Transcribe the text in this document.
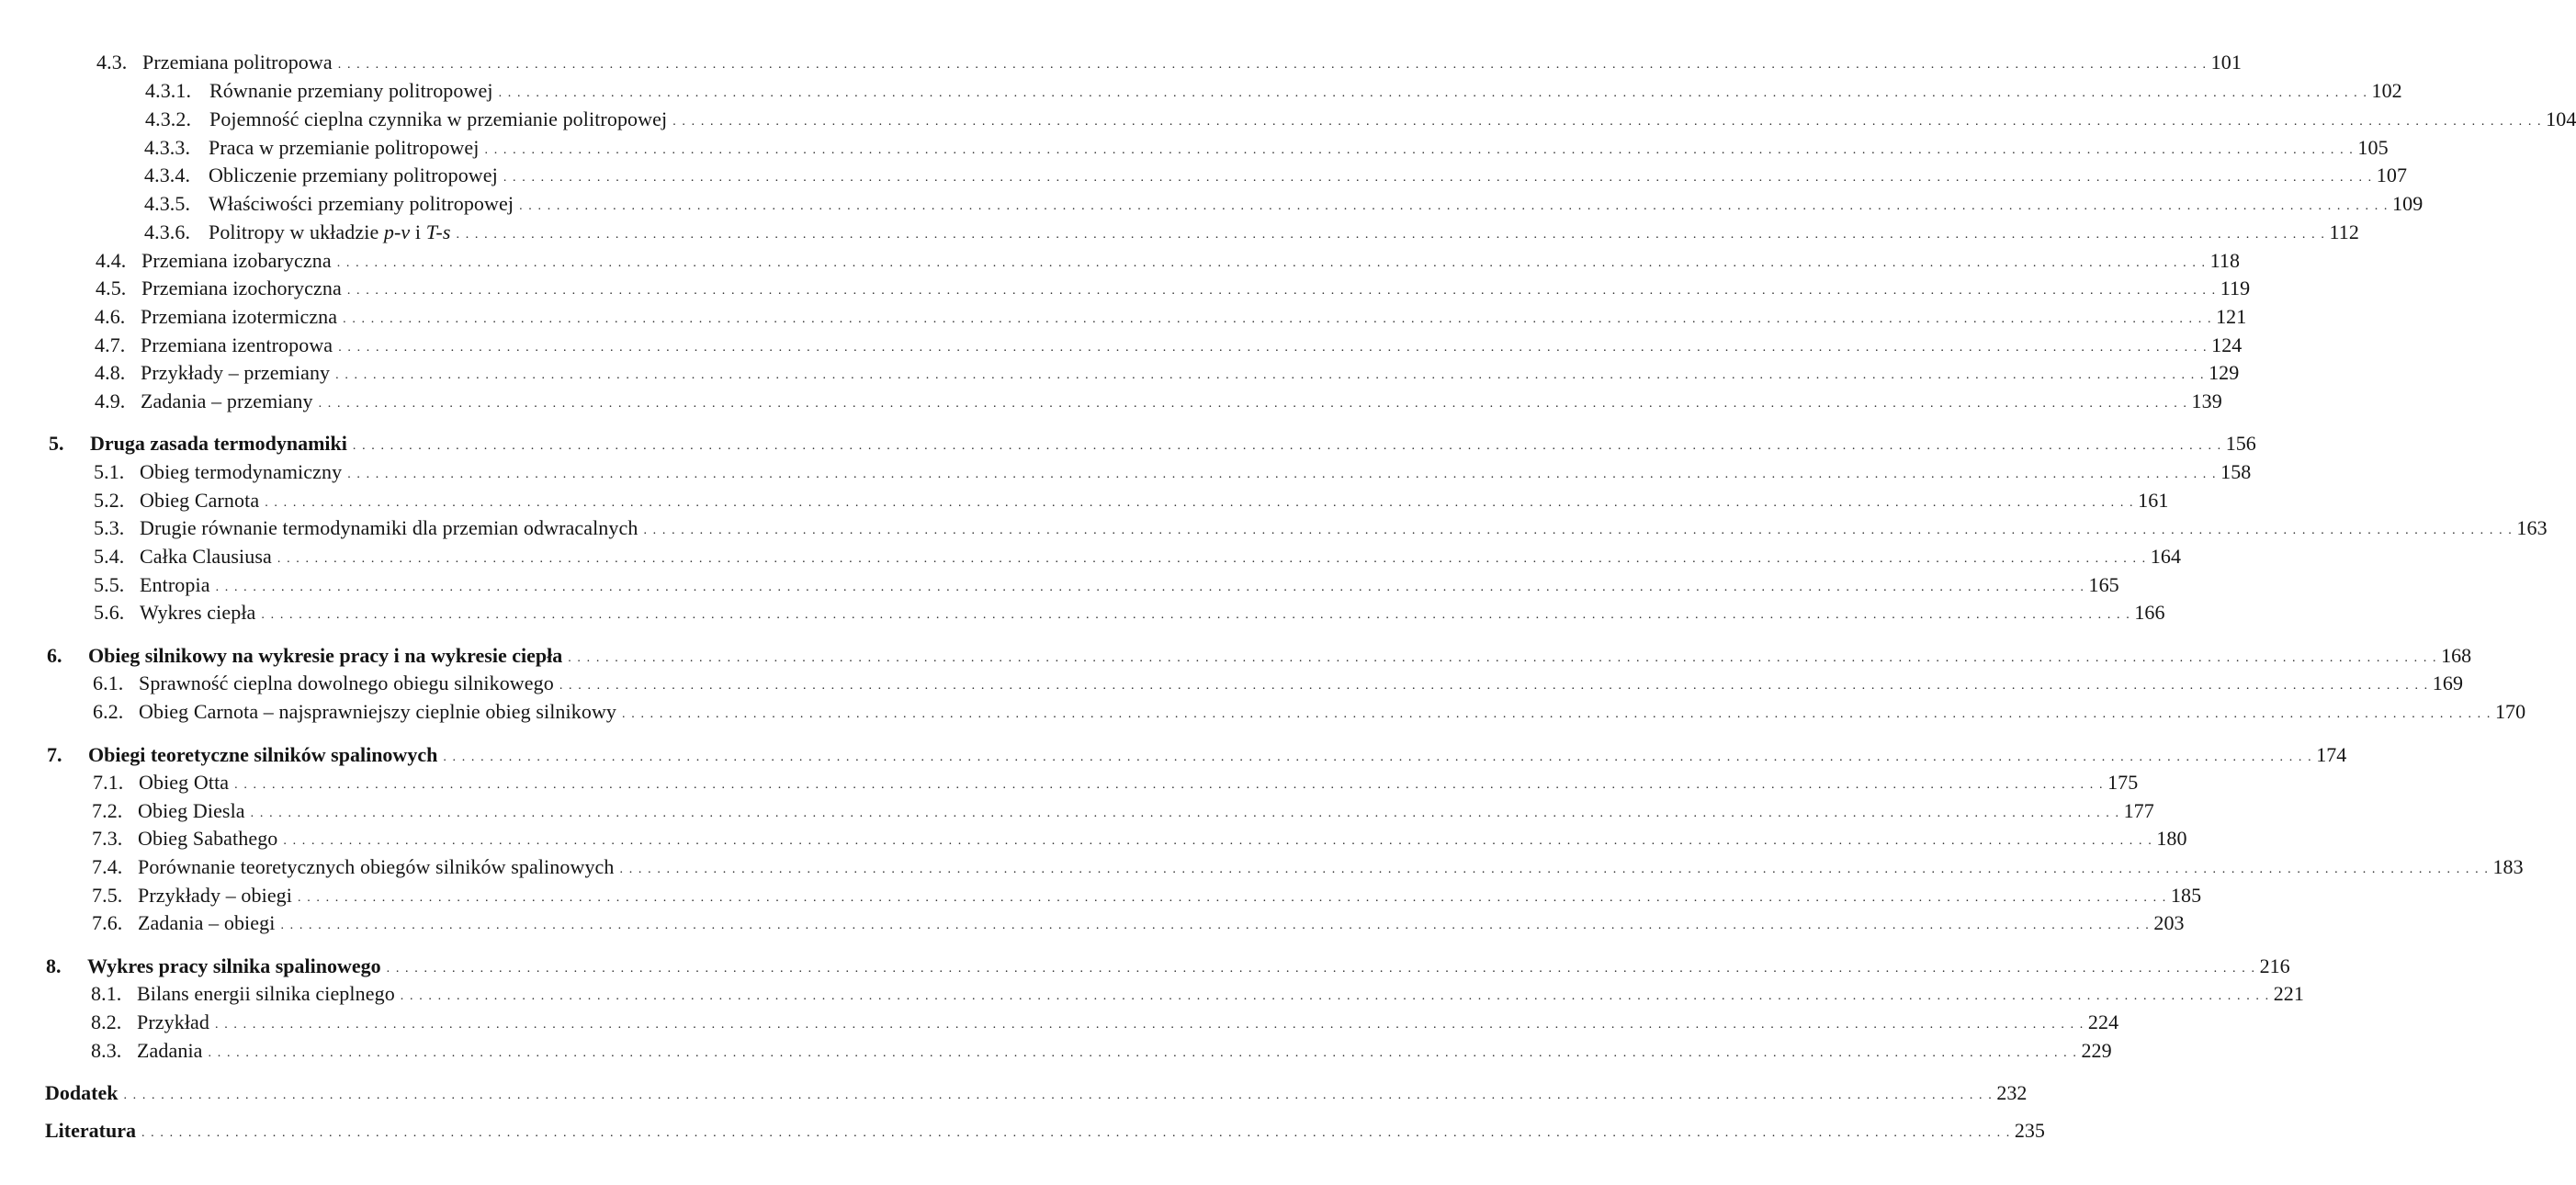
4.3. Przemiana politropowa . . . . . . . . . . . . . . . . . . . . . . . . . . . . . . . . . . . . . . . . . . . . . . . . . . . . . . . . . . . . . . . . . . . . . . . . . . . . . . . . . . . . . . . . . . . . . . . . . . . . . . . . . . . . . . . . . . . . . . . . . . . . . . . . . . . . . . . . . . . . . . . . . . . . . . . . . . . . . . . . . . . . . . . . . . . . . . . . . . . . . . . . . . . . . . . . . . . . . . . . 101
4.3.1. Równanie przemiany politropowej . . . . . . . . . . . . . . . . . . . . . . . . . . . . . . . . . . . . . . . . . . . . . . . . . . . . . . . . . . . . . . . . . . . . . . . . . . . . . . . . . . . . . . . . . . . . . . . . . . . . . . . . . . . . . . . . . . . . . . . . . . . . . . . . . . . . . . . . . . . . . . . . . . . . . . . . . . . . . . . . . . . . . . . . . . . . . . . . . . . . . . . . . . . . . . . . . . . . . . . . 102
4.3.2. Pojemność cieplna czynnika w przemianie politropowej . . . . . . . . . . . . . . . . . . . . . . . . . . . . . . . . . . . . . . . . . . . . . . . . . . . . . . . . . . . . . . . . . . . . . . . . . . . . . . . . . . . . . . . . . . . . . . . . . . . . . . . . . . . . . . . . . . . . . . . . . . . . . . . . . . . . . . . . . . . . . . . . . . . . . . . . . . . . . . . . . . . . . . . . . . . . . . . . . . . . . . . . . . . . . . . . . . . . . . . . 104
4.3.3. Praca w przemianie politropowej . . . . . . . . . . . . . . . . . . . . . . . . . . . . . . . . . . . . . . . . . . . . . . . . . . . . . . . . . . . . . . . . . . . . . . . . . . . . . . . . . . . . . . . . . . . . . . . . . . . . . . . . . . . . . . . . . . . . . . . . . . . . . . . . . . . . . . . . . . . . . . . . . . . . . . . . . . . . . . . . . . . . . . . . . . . . . . . . . . . . . . . . . . . . . . . . . . . . . . . . 105
4.3.4. Obliczenie przemiany politropowej . . . . . . . . . . . . . . . . . . . . . . . . . . . . . . . . . . . . . . . . . . . . . . . . . . . . . . . . . . . . . . . . . . . . . . . . . . . . . . . . . . . . . . . . . . . . . . . . . . . . . . . . . . . . . . . . . . . . . . . . . . . . . . . . . . . . . . . . . . . . . . . . . . . . . . . . . . . . . . . . . . . . . . . . . . . . . . . . . . . . . . . . . . . . . . . . . . . . . . . . 107
4.3.5. Właściwości przemiany politropowej . . . . . . . . . . . . . . . . . . . . . . . . . . . . . . . . . . . . . . . . . . . . . . . . . . . . . . . . . . . . . . . . . . . . . . . . . . . . . . . . . . . . . . . . . . . . . . . . . . . . . . . . . . . . . . . . . . . . . . . . . . . . . . . . . . . . . . . . . . . . . . . . . . . . . . . . . . . . . . . . . . . . . . . . . . . . . . . . . . . . . . . . . . . . . . . . . . . . . . . . 109
4.3.6. Politropy w układzie p-v i T-s . . . . . . . . . . . . . . . . . . . . . . . . . . . . . . . . . . . . . . . . . . . . . . . . . . . . . . . . . . . . . . . . . . . . . . . . . . . . . . . . . . . . . . . . . . . . . . . . . . . . . . . . . . . . . . . . . . . . . . . . . . . . . . . . . . . . . . . . . . . . . . . . . . . . . . . . . . . . . . . . . . . . . . . . . . . . . . . . . . . . . . . . . . . . . . . . . . . . . . . . 112
4.4. Przemiana izobaryczna . . . . . . . . . . . . . . . . . . . . . . . . . . . . . . . . . . . . . . . . . . . . . . . . . . . . . . . . . . . . . . . . . . . . . . . . . . . . . . . . . . . . . . . . . . . . . . . . . . . . . . . . . . . . . . . . . . . . . . . . . . . . . . . . . . . . . . . . . . . . . . . . . . . . . . . . . . . . . . . . . . . . . . . . . . . . . . . . . . . . . . . . . . . . . . . . . . . . . . . . 118
4.5. Przemiana izochoryczna . . . . . . . . . . . . . . . . . . . . . . . . . . . . . . . . . . . . . . . . . . . . . . . . . . . . . . . . . . . . . . . . . . . . . . . . . . . . . . . . . . . . . . . . . . . . . . . . . . . . . . . . . . . . . . . . . . . . . . . . . . . . . . . . . . . . . . . . . . . . . . . . . . . . . . . . . . . . . . . . . . . . . . . . . . . . . . . . . . . . . . . . . . . . . . . . . . . . . . . . 119
4.6. Przemiana izotermiczna . . . . . . . . . . . . . . . . . . . . . . . . . . . . . . . . . . . . . . . . . . . . . . . . . . . . . . . . . . . . . . . . . . . . . . . . . . . . . . . . . . . . . . . . . . . . . . . . . . . . . . . . . . . . . . . . . . . . . . . . . . . . . . . . . . . . . . . . . . . . . . . . . . . . . . . . . . . . . . . . . . . . . . . . . . . . . . . . . . . . . . . . . . . . . . . . . . . . . . . . 121
4.7. Przemiana izentropowa . . . . . . . . . . . . . . . . . . . . . . . . . . . . . . . . . . . . . . . . . . . . . . . . . . . . . . . . . . . . . . . . . . . . . . . . . . . . . . . . . . . . . . . . . . . . . . . . . . . . . . . . . . . . . . . . . . . . . . . . . . . . . . . . . . . . . . . . . . . . . . . . . . . . . . . . . . . . . . . . . . . . . . . . . . . . . . . . . . . . . . . . . . . . . . . . . . . . . . . . 124
4.8. Przykłady – przemiany . . . . . . . . . . . . . . . . . . . . . . . . . . . . . . . . . . . . . . . . . . . . . . . . . . . . . . . . . . . . . . . . . . . . . . . . . . . . . . . . . . . . . . . . . . . . . . . . . . . . . . . . . . . . . . . . . . . . . . . . . . . . . . . . . . . . . . . . . . . . . . . . . . . . . . . . . . . . . . . . . . . . . . . . . . . . . . . . . . . . . . . . . . . . . . . . . . . . . . . . 129
4.9. Zadania – przemiany . . . . . . . . . . . . . . . . . . . . . . . . . . . . . . . . . . . . . . . . . . . . . . . . . . . . . . . . . . . . . . . . . . . . . . . . . . . . . . . . . . . . . . . . . . . . . . . . . . . . . . . . . . . . . . . . . . . . . . . . . . . . . . . . . . . . . . . . . . . . . . . . . . . . . . . . . . . . . . . . . . . . . . . . . . . . . . . . . . . . . . . . . . . . . . . . . . . . . . . . 139
5.	Druga zasada termodynamiki . . . . . . . . . . . . . . . . . . . . . . . . . . . . . . . . . . . . . . . . . . . . . . . . . . . . . . . . . . . . . . . . . . . . . . . . . . . . . . . . . . . . . . . . . . . . . . . . . . . . . . . . . . . . . . . . . . . . . . . . . . . . . . . . . . . . . . . . . . . . . . . . . . . . . . . . . . . . . . . . . . . . . . . . . . . . . . . . . . . . . . . . . . . . . . . . . . . . . . . . 156
5.1. Obieg termodynamiczny . . . . . . . . . . . . . . . . . . . . . . . . . . . . . . . . . . . . . . . . . . . . . . . . . . . . . . . . . . . . . . . . . . . . . . . . . . . . . . . . . . . . . . . . . . . . . . . . . . . . . . . . . . . . . . . . . . . . . . . . . . . . . . . . . . . . . . . . . . . . . . . . . . . . . . . . . . . . . . . . . . . . . . . . . . . . . . . . . . . . . . . . . . . . . . . . . . . . . . . . 158
5.2. Obieg Carnota . . . . . . . . . . . . . . . . . . . . . . . . . . . . . . . . . . . . . . . . . . . . . . . . . . . . . . . . . . . . . . . . . . . . . . . . . . . . . . . . . . . . . . . . . . . . . . . . . . . . . . . . . . . . . . . . . . . . . . . . . . . . . . . . . . . . . . . . . . . . . . . . . . . . . . . . . . . . . . . . . . . . . . . . . . . . . . . . . . . . . . . . . . . . . . . . . . . . . . . . 161
5.3. Drugie równanie termodynamiki dla przemian odwracalnych . . . . . . . . . . . . . . . . . . . . . . . . . . . . . . . . . . . . . . . . . . . . . . . . . . . . . . . . . . . . . . . . . . . . . . . . . . . . . . . . . . . . . . . . . . . . . . . . . . . . . . . . . . . . . . . . . . . . . . . . . . . . . . . . . . . . . . . . . . . . . . . . . . . . . . . . . . . . . . . . . . . . . . . . . . . . . . . . . . . . . . . . . . . . . . . . . . . . . . . . 163
5.4. Całka Clausiusa . . . . . . . . . . . . . . . . . . . . . . . . . . . . . . . . . . . . . . . . . . . . . . . . . . . . . . . . . . . . . . . . . . . . . . . . . . . . . . . . . . . . . . . . . . . . . . . . . . . . . . . . . . . . . . . . . . . . . . . . . . . . . . . . . . . . . . . . . . . . . . . . . . . . . . . . . . . . . . . . . . . . . . . . . . . . . . . . . . . . . . . . . . . . . . . . . . . . . . . . 164
5.5. Entropia . . . . . . . . . . . . . . . . . . . . . . . . . . . . . . . . . . . . . . . . . . . . . . . . . . . . . . . . . . . . . . . . . . . . . . . . . . . . . . . . . . . . . . . . . . . . . . . . . . . . . . . . . . . . . . . . . . . . . . . . . . . . . . . . . . . . . . . . . . . . . . . . . . . . . . . . . . . . . . . . . . . . . . . . . . . . . . . . . . . . . . . . . . . . . . . . . . . . . . . . 165
5.6. Wykres ciepła . . . . . . . . . . . . . . . . . . . . . . . . . . . . . . . . . . . . . . . . . . . . . . . . . . . . . . . . . . . . . . . . . . . . . . . . . . . . . . . . . . . . . . . . . . . . . . . . . . . . . . . . . . . . . . . . . . . . . . . . . . . . . . . . . . . . . . . . . . . . . . . . . . . . . . . . . . . . . . . . . . . . . . . . . . . . . . . . . . . . . . . . . . . . . . . . . . . . . . . . 166
6.	Obieg silnikowy na wykresie pracy i na wykresie ciepła . . . . . . . . . . . . . . . . . . . . . . . . . . . . . . . . . . . . . . . . . . . . . . . . . . . . . . . . . . . . . . . . . . . . . . . . . . . . . . . . . . . . . . . . . . . . . . . . . . . . . . . . . . . . . . . . . . . . . . . . . . . . . . . . . . . . . . . . . . . . . . . . . . . . . . . . . . . . . . . . . . . . . . . . . . . . . . . . . . . . . . . . . . . . . . . . . . . . . . . . 168
6.1. Sprawność cieplna dowolnego obiegu silnikowego . . . . . . . . . . . . . . . . . . . . . . . . . . . . . . . . . . . . . . . . . . . . . . . . . . . . . . . . . . . . . . . . . . . . . . . . . . . . . . . . . . . . . . . . . . . . . . . . . . . . . . . . . . . . . . . . . . . . . . . . . . . . . . . . . . . . . . . . . . . . . . . . . . . . . . . . . . . . . . . . . . . . . . . . . . . . . . . . . . . . . . . . . . . . . . . . . . . . . . . . 169
6.2. Obieg Carnota – najsprawniejszy cieplnie obieg silnikowy . . . . . . . . . . . . . . . . . . . . . . . . . . . . . . . . . . . . . . . . . . . . . . . . . . . . . . . . . . . . . . . . . . . . . . . . . . . . . . . . . . . . . . . . . . . . . . . . . . . . . . . . . . . . . . . . . . . . . . . . . . . . . . . . . . . . . . . . . . . . . . . . . . . . . . . . . . . . . . . . . . . . . . . . . . . . . . . . . . . . . . . . . . . . . . . . . . . . . . . . 170
7.	Obiegi teoretyczne silników spalinowych . . . . . . . . . . . . . . . . . . . . . . . . . . . . . . . . . . . . . . . . . . . . . . . . . . . . . . . . . . . . . . . . . . . . . . . . . . . . . . . . . . . . . . . . . . . . . . . . . . . . . . . . . . . . . . . . . . . . . . . . . . . . . . . . . . . . . . . . . . . . . . . . . . . . . . . . . . . . . . . . . . . . . . . . . . . . . . . . . . . . . . . . . . . . . . . . . . . . . . . . 174
7.1. Obieg Otta . . . . . . . . . . . . . . . . . . . . . . . . . . . . . . . . . . . . . . . . . . . . . . . . . . . . . . . . . . . . . . . . . . . . . . . . . . . . . . . . . . . . . . . . . . . . . . . . . . . . . . . . . . . . . . . . . . . . . . . . . . . . . . . . . . . . . . . . . . . . . . . . . . . . . . . . . . . . . . . . . . . . . . . . . . . . . . . . . . . . . . . . . . . . . . . . . . . . . . . . 175
7.2. Obieg Diesla . . . . . . . . . . . . . . . . . . . . . . . . . . . . . . . . . . . . . . . . . . . . . . . . . . . . . . . . . . . . . . . . . . . . . . . . . . . . . . . . . . . . . . . . . . . . . . . . . . . . . . . . . . . . . . . . . . . . . . . . . . . . . . . . . . . . . . . . . . . . . . . . . . . . . . . . . . . . . . . . . . . . . . . . . . . . . . . . . . . . . . . . . . . . . . . . . . . . . . . . 177
7.3. Obieg Sabathego . . . . . . . . . . . . . . . . . . . . . . . . . . . . . . . . . . . . . . . . . . . . . . . . . . . . . . . . . . . . . . . . . . . . . . . . . . . . . . . . . . . . . . . . . . . . . . . . . . . . . . . . . . . . . . . . . . . . . . . . . . . . . . . . . . . . . . . . . . . . . . . . . . . . . . . . . . . . . . . . . . . . . . . . . . . . . . . . . . . . . . . . . . . . . . . . . . . . . . . . 180
7.4. Porównanie teoretycznych obiegów silników spalinowych . . . . . . . . . . . . . . . . . . . . . . . . . . . . . . . . . . . . . . . . . . . . . . . . . . . . . . . . . . . . . . . . . . . . . . . . . . . . . . . . . . . . . . . . . . . . . . . . . . . . . . . . . . . . . . . . . . . . . . . . . . . . . . . . . . . . . . . . . . . . . . . . . . . . . . . . . . . . . . . . . . . . . . . . . . . . . . . . . . . . . . . . . . . . . . . . . . . . . . . . 183
7.5. Przykłady – obiegi . . . . . . . . . . . . . . . . . . . . . . . . . . . . . . . . . . . . . . . . . . . . . . . . . . . . . . . . . . . . . . . . . . . . . . . . . . . . . . . . . . . . . . . . . . . . . . . . . . . . . . . . . . . . . . . . . . . . . . . . . . . . . . . . . . . . . . . . . . . . . . . . . . . . . . . . . . . . . . . . . . . . . . . . . . . . . . . . . . . . . . . . . . . . . . . . . . . . . . . . 185
7.6. Zadania – obiegi . . . . . . . . . . . . . . . . . . . . . . . . . . . . . . . . . . . . . . . . . . . . . . . . . . . . . . . . . . . . . . . . . . . . . . . . . . . . . . . . . . . . . . . . . . . . . . . . . . . . . . . . . . . . . . . . . . . . . . . . . . . . . . . . . . . . . . . . . . . . . . . . . . . . . . . . . . . . . . . . . . . . . . . . . . . . . . . . . . . . . . . . . . . . . . . . . . . . . . . . 203
8.	Wykres pracy silnika spalinowego . . . . . . . . . . . . . . . . . . . . . . . . . . . . . . . . . . . . . . . . . . . . . . . . . . . . . . . . . . . . . . . . . . . . . . . . . . . . . . . . . . . . . . . . . . . . . . . . . . . . . . . . . . . . . . . . . . . . . . . . . . . . . . . . . . . . . . . . . . . . . . . . . . . . . . . . . . . . . . . . . . . . . . . . . . . . . . . . . . . . . . . . . . . . . . . . . . . . . . . . 216
8.1. Bilans energii silnika cieplnego . . . . . . . . . . . . . . . . . . . . . . . . . . . . . . . . . . . . . . . . . . . . . . . . . . . . . . . . . . . . . . . . . . . . . . . . . . . . . . . . . . . . . . . . . . . . . . . . . . . . . . . . . . . . . . . . . . . . . . . . . . . . . . . . . . . . . . . . . . . . . . . . . . . . . . . . . . . . . . . . . . . . . . . . . . . . . . . . . . . . . . . . . . . . . . . . . . . . . . . . 221
8.2. Przykład . . . . . . . . . . . . . . . . . . . . . . . . . . . . . . . . . . . . . . . . . . . . . . . . . . . . . . . . . . . . . . . . . . . . . . . . . . . . . . . . . . . . . . . . . . . . . . . . . . . . . . . . . . . . . . . . . . . . . . . . . . . . . . . . . . . . . . . . . . . . . . . . . . . . . . . . . . . . . . . . . . . . . . . . . . . . . . . . . . . . . . . . . . . . . . . . . . . . . . . . 224
8.3. Zadania . . . . . . . . . . . . . . . . . . . . . . . . . . . . . . . . . . . . . . . . . . . . . . . . . . . . . . . . . . . . . . . . . . . . . . . . . . . . . . . . . . . . . . . . . . . . . . . . . . . . . . . . . . . . . . . . . . . . . . . . . . . . . . . . . . . . . . . . . . . . . . . . . . . . . . . . . . . . . . . . . . . . . . . . . . . . . . . . . . . . . . . . . . . . . . . . . . . . . . . . 229
Dodatek . . . . . . . . . . . . . . . . . . . . . . . . . . . . . . . . . . . . . . . . . . . . . . . . . . . . . . . . . . . . . . . . . . . . . . . . . . . . . . . . . . . . . . . . . . . . . . . . . . . . . . . . . . . . . . . . . . . . . . . . . . . . . . . . . . . . . . . . . . . . . . . . . . . . . . . . . . . . . . . . . . . . . . . . . . . . . . . . . . . . . . . . . . . . . . . . . . . . . . . . 232
Literatura . . . . . . . . . . . . . . . . . . . . . . . . . . . . . . . . . . . . . . . . . . . . . . . . . . . . . . . . . . . . . . . . . . . . . . . . . . . . . . . . . . . . . . . . . . . . . . . . . . . . . . . . . . . . . . . . . . . . . . . . . . . . . . . . . . . . . . . . . . . . . . . . . . . . . . . . . . . . . . . . . . . . . . . . . . . . . . . . . . . . . . . . . . . . . . . . . . . . . . . . 235
